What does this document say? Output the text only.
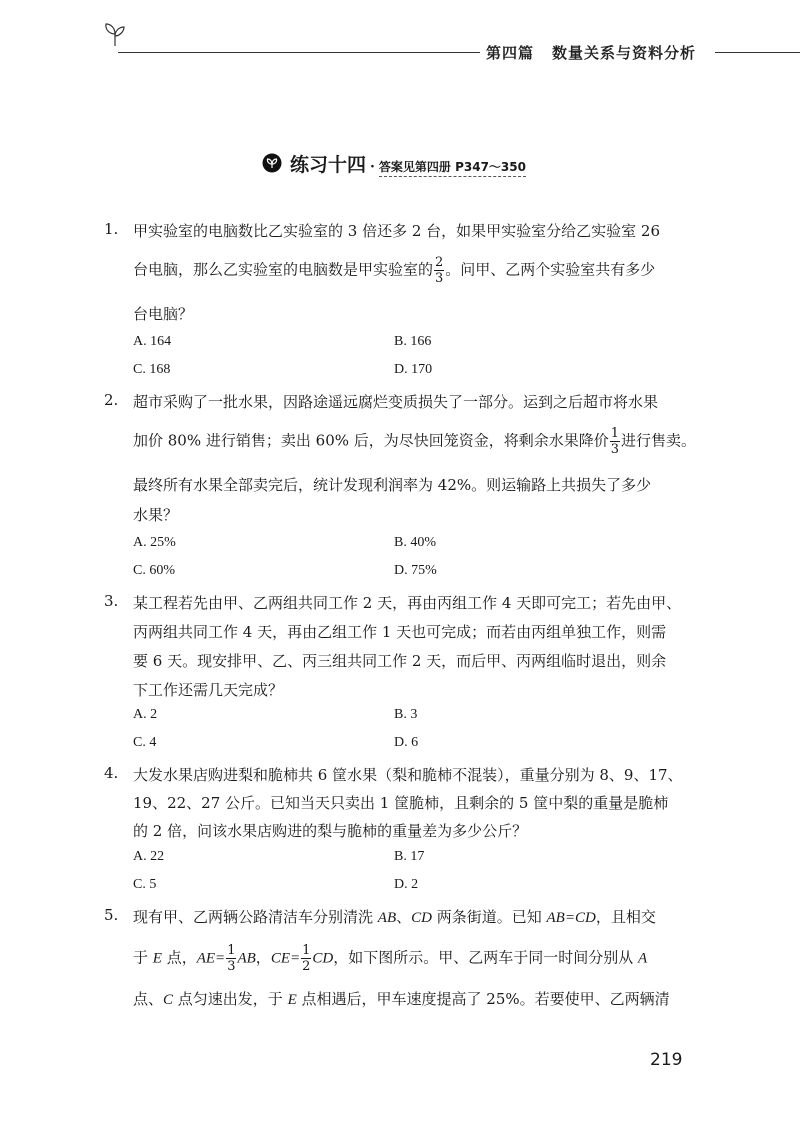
第四篇 数量关系与资料分析
练习十四 · 答案见第四册 P347～350
1. 甲实验室的电脑数比乙实验室的 3 倍还多 2 台，如果甲实验室分给乙实验室 26
台电脑，那么乙实验室的电脑数是甲实验室的 $\frac{2}{3}$ 。问甲、乙两个实验室共有多少
台电脑？
A. 164	B. 166
C. 168	D. 170
2. 超市采购了一批水果，因路途遥远腐烂变质损失了一部分。运到之后超市将水果
加价 80% 进行销售；卖出 60% 后，为尽快回笼资金，将剩余水果降价 $\frac{1}{3}$ 进行售卖。
最终所有水果全部卖完后，统计发现利润率为 42%。则运输路上共损失了多少
水果？
A. 25%	B. 40%
C. 60%	D. 75%
3. 某工程若先由甲、乙两组共同工作 2 天，再由丙组工作 4 天即可完工；若先由甲、
丙两组共同工作 4 天，再由乙组工作 1 天也可完成；而若由丙组单独工作，则需
要 6 天。现安排甲、乙、丙三组共同工作 2 天，而后甲、丙两组临时退出，则余
下工作还需几天完成？
A. 2	B. 3
C. 4	D. 6
4. 大发水果店购进梨和脆柿共 6 筐水果（梨和脆柿不混装），重量分别为 8、9、17、
19、22、27 公斤。已知当天只卖出 1 筐脆柿，且剩余的 5 筐中梨的重量是脆柿
的 2 倍，问该水果店购进的梨与脆柿的重量差为多少公斤？
A. 22	B. 17
C. 5	D. 2
5. 现有甲、乙两辆公路清洁车分别清洗 AB、CD 两条街道。已知 AB=CD，且相交
于 E 点，$AE= \frac{1}{3}$ AB，$CE= \frac{1}{2}$ CD，如下图所示。甲、乙两车于同一时间分别从 A
点、C 点匀速出发，于 E 点相遇后，甲车速度提高了 25%。若要使甲、乙两辆清
219
